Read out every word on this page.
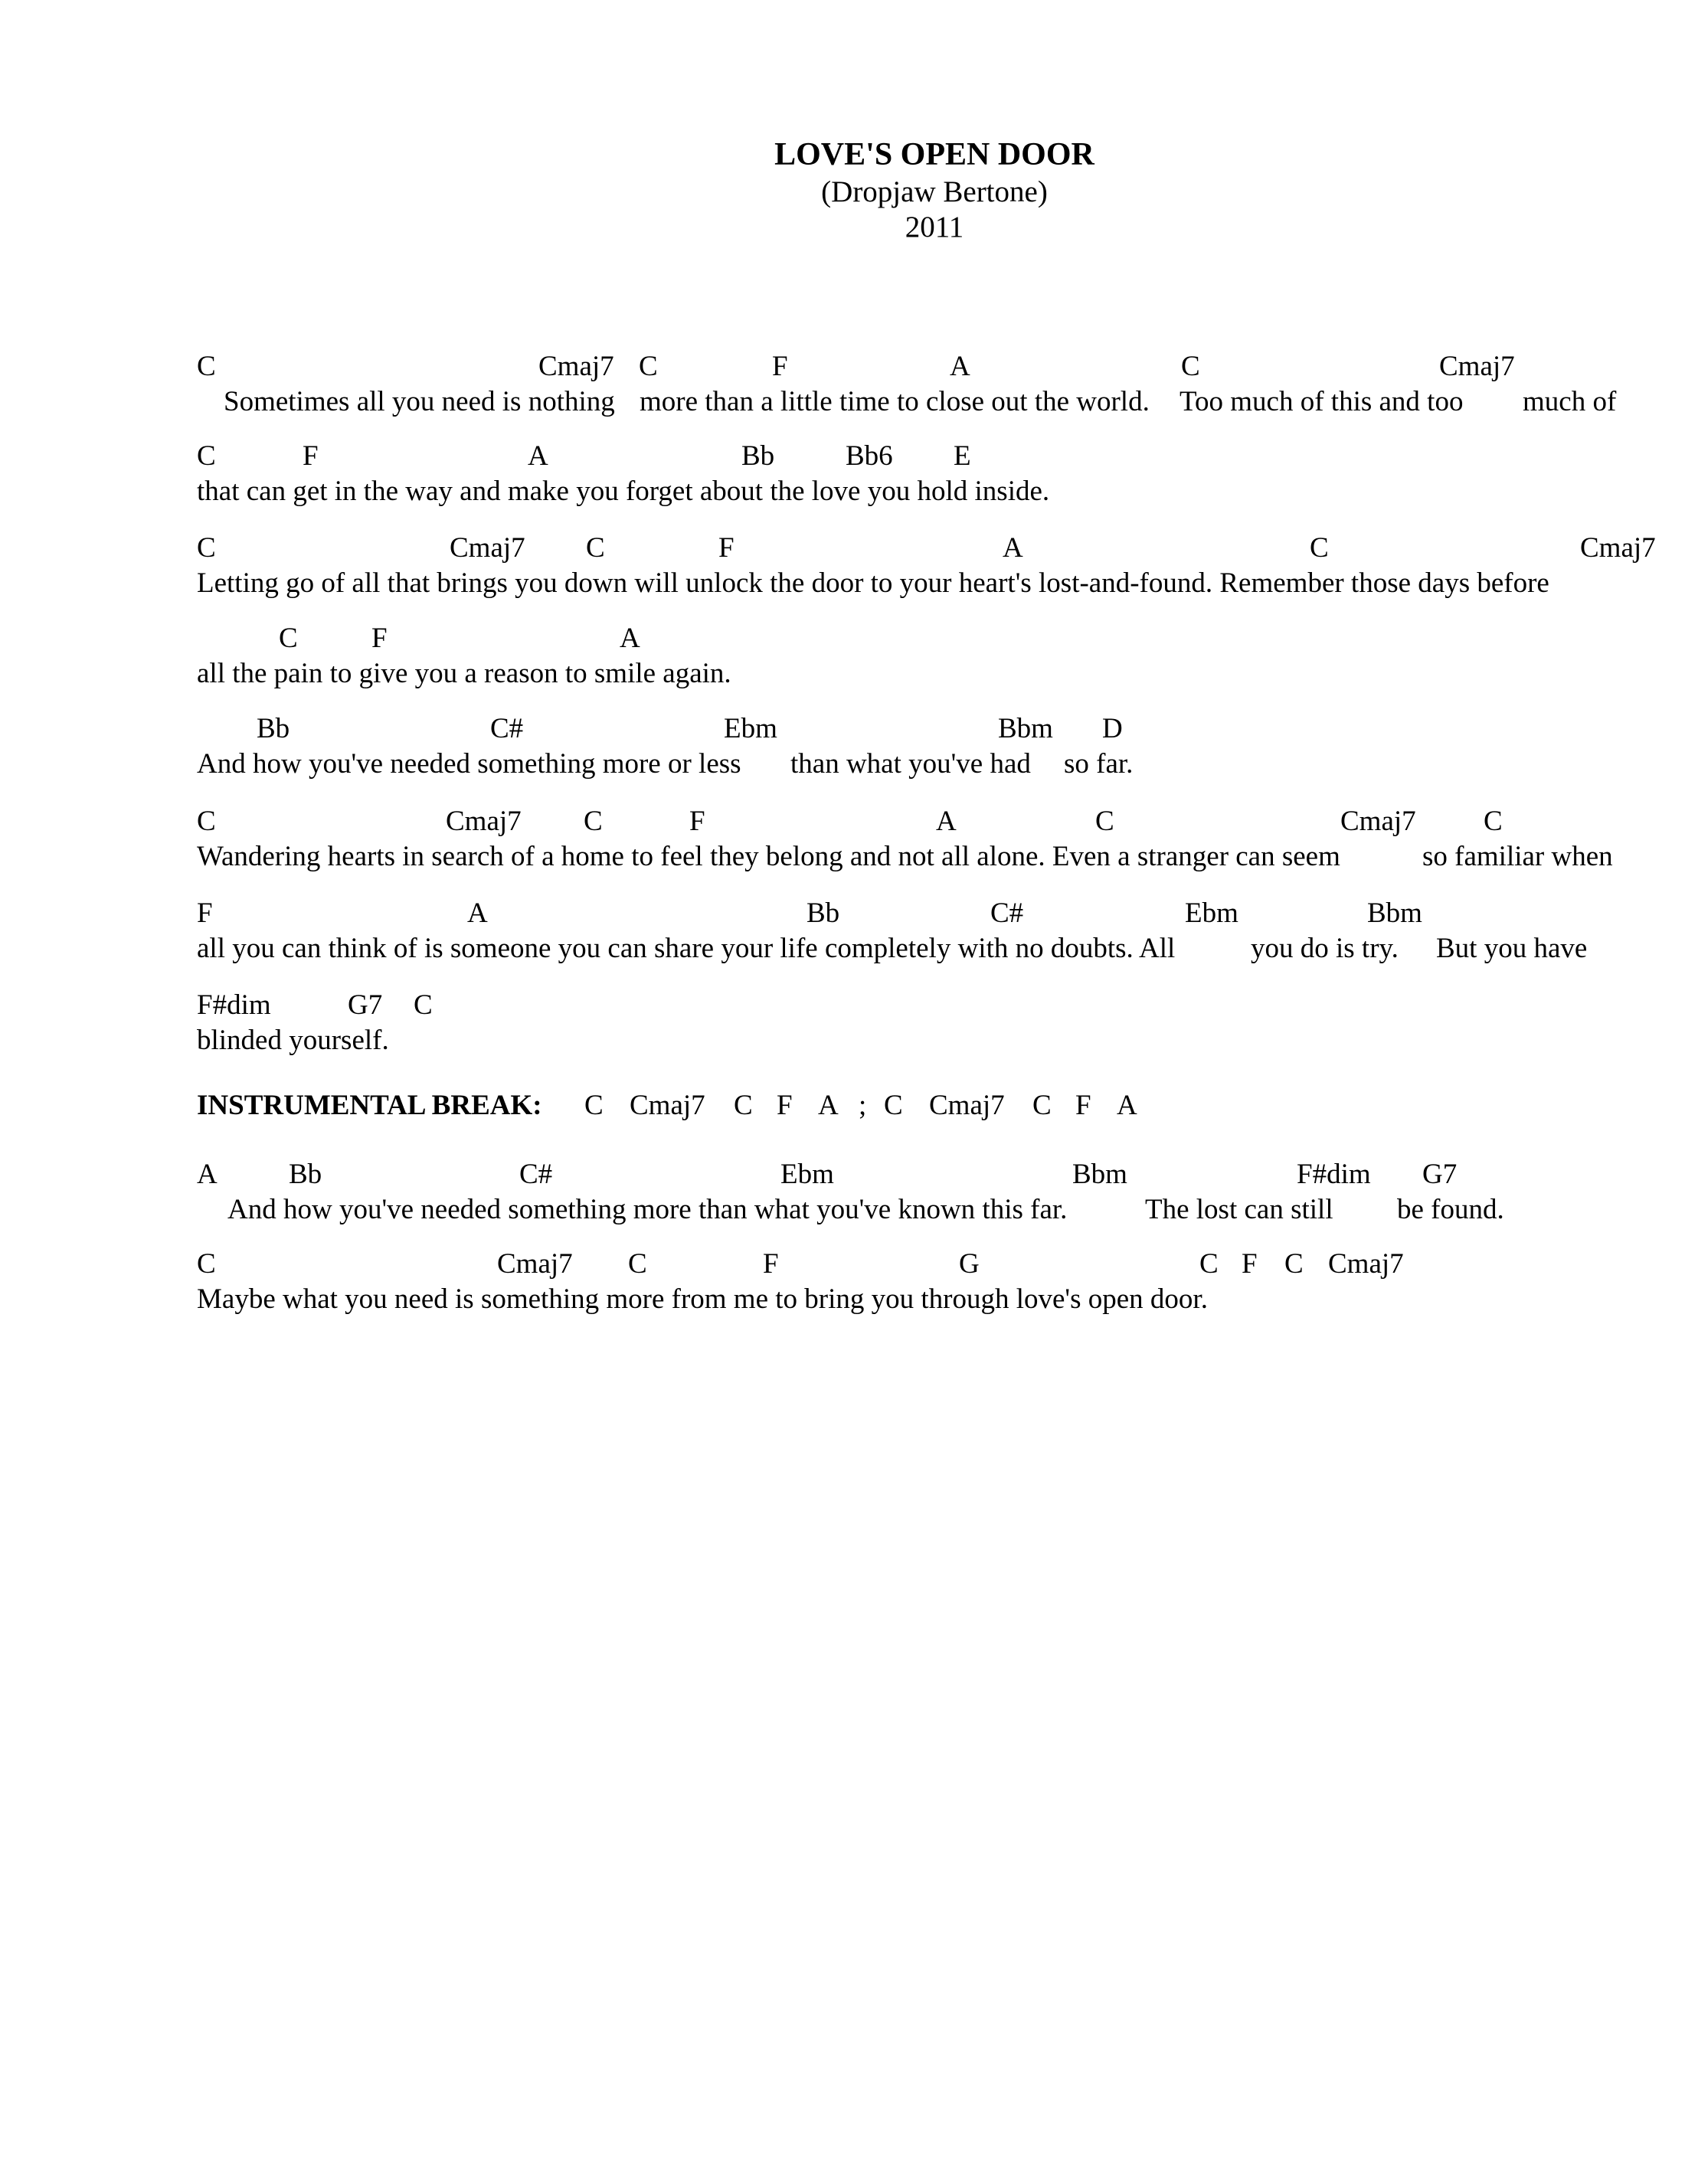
LOVE'S OPEN DOOR
(Dropjaw Bertone)
2011
C	Cmaj7 C	F	A	C	Cmaj7
Sometimes all you need is nothing more than a little time to close out the world. Too much of this and too much of
C	F	A	Bb	Bb6 E
that can get in the way and make you forget about the love you hold inside.
C	Cmaj7 C	F	A	C	Cmaj7
Letting go of all that brings you down will unlock the door to your heart's lost-and-found. Remember those days before
C	F	A
all the pain to give you a reason to smile again.
Bb	C#	Ebm	Bbm D
And how you've needed something more or less than what you've had so far.
C	Cmaj7 C	F	A	C	Cmaj7 C
Wandering hearts in search of a home to feel they belong and not all alone. Even a stranger can seem	so familiar when
F	A	Bb	C#	Ebm	Bbm
all you can think of is someone you can share your life completely with no doubts. All	you do is try. But you have
F#dim	G7 C
blinded yourself.
INSTRUMENTAL BREAK: C Cmaj7 C F A ; C Cmaj7 C F A
A	Bb	C#	Ebm	Bbm	F#dim G7
And how you've needed something more than what you've known this far.	The lost can still be found.
C	Cmaj7 C	F	G	C F C Cmaj7
Maybe what you need is something more from me to bring you through love's open door.
